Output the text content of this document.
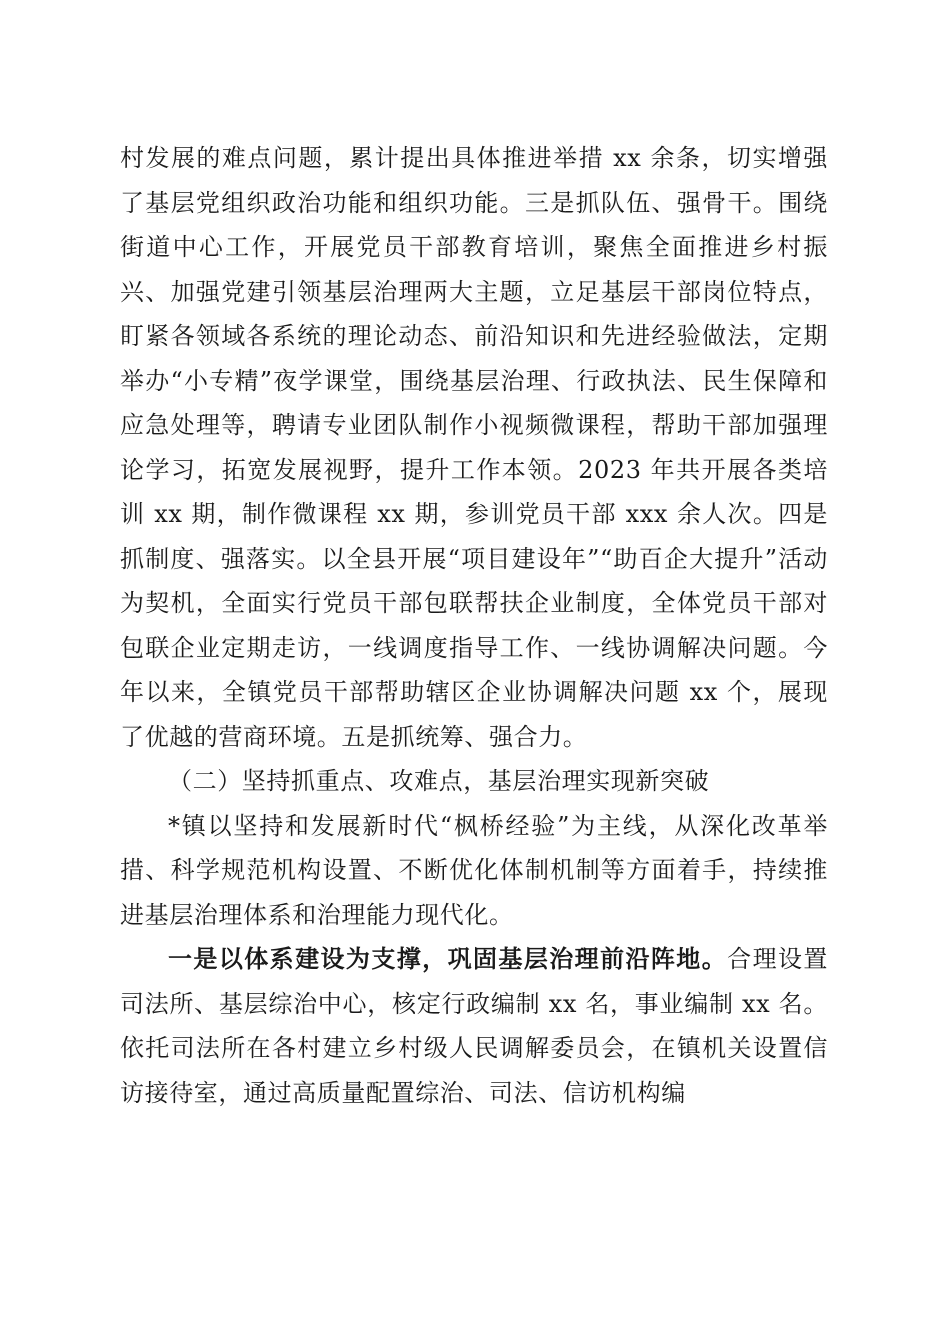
村发展的难点问题，累计提出具体推进举措 xx 余条，切实增强了基层党组织政治功能和组织功能。三是抓队伍、强骨干。围绕街道中心工作，开展党员干部教育培训，聚焦全面推进乡村振兴、加强党建引领基层治理两大主题，立足基层干部岗位特点，盯紧各领域各系统的理论动态、前沿知识和先进经验做法，定期举办“小专精”夜学课堂，围绕基层治理、行政执法、民生保障和应急处理等，聘请专业团队制作小视频微课程，帮助干部加强理论学习，拓宽发展视野，提升工作本领。2023 年共开展各类培训 xx 期，制作微课程 xx 期，参训党员干部 xxx 余人次。四是抓制度、强落实。以全县开展“项目建设年”“助百企大提升”活动为契机，全面实行党员干部包联帮扶企业制度，全体党员干部对包联企业定期走访，一线调度指导工作、一线协调解决问题。今年以来，全镇党员干部帮助辖区企业协调解决问题 xx 个，展现了优越的营商环境。五是抓统筹、强合力。

（二）坚持抓重点、攻难点，基层治理实现新突破

*镇以坚持和发展新时代“枫桥经验”为主线，从深化改革举措、科学规范机构设置、不断优化体制机制等方面着手，持续推进基层治理体系和治理能力现代化。

一是以体系建设为支撑，巩固基层治理前沿阵地。合理设置司法所、基层综治中心，核定行政编制 xx 名，事业编制 xx 名。依托司法所在各村建立乡村级人民调解委员会，在镇机关设置信访接待室，通过高质量配置综治、司法、信访机构编
